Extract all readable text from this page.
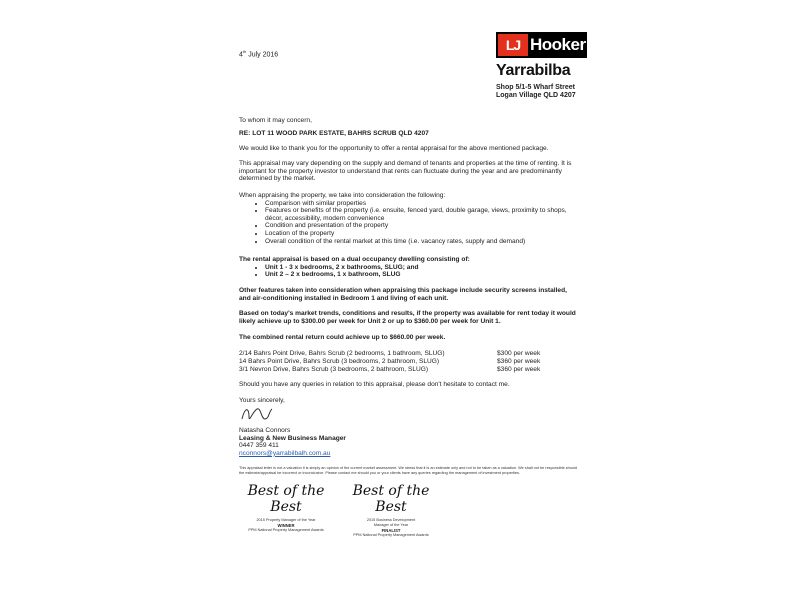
4th July 2016
LJ Hooker
Yarrabilba
Shop 5/1-5 Wharf Street
Logan Village QLD 4207
To whom it may concern,
RE: LOT 11 WOOD PARK ESTATE, BAHRS SCRUB QLD 4207
We would like to thank you for the opportunity to offer a rental appraisal for the above mentioned package.
This appraisal may vary depending on the supply and demand of tenants and properties at the time of renting. It is important for the property investor to understand that rents can fluctuate during the year and are predominantly determined by the market.
When appraising the property, we take into consideration the following:
• Comparison with similar properties
• Features or benefits of the property (i.e. ensuite, fenced yard, double garage, views, proximity to shops, décor, accessibility, modern convenience
• Condition and presentation of the property
• Location of the property
• Overall condition of the rental market at this time (i.e. vacancy rates, supply and demand)
The rental appraisal is based on a dual occupancy dwelling consisting of:
• Unit 1 - 3 x bedrooms, 2 x bathrooms, SLUG; and
• Unit 2 – 2 x bedrooms, 1 x bathroom, SLUG
Other features taken into consideration when appraising this package include security screens installed, and air-conditioning installed in Bedroom 1 and living of each unit.
Based on today's market trends, conditions and results, if the property was available for rent today it would likely achieve up to $300.00 per week for Unit 2 or up to $360.00 per week for Unit 1.
The combined rental return could achieve up to $660.00 per week.
2/14 Bahrs Point Drive, Bahrs Scrub (2 bedrooms, 1 bathroom, SLUG)	$300 per week
14 Bahrs Point Drive, Bahrs Scrub (3 bedrooms, 2 bathroom, SLUG)	$360 per week
3/1 Nevron Drive, Bahrs Scrub (3 bedrooms, 2 bathroom, SLUG)	$360 per week
Should you have any queries in relation to this appraisal, please don't hesitate to contact me.
Yours sincerely,
Natasha Connors
Leasing & New Business Manager
0447 359 411
nconnors@yarrabilbalh.com.au
This appraisal letter is not a valuation it is simply an opinion of the current market assessment. We stress that it is an estimate only and not to be taken as a valuation. We shall not be responsible should the estimate/appraisal be incorrect or inconclusive. Please contact me should you or your clients have any queries regarding the management of investment properties.
Best of the Best
2015 Property Manager of the Year
WINNER
PPM National Property Management Awards
Best of the Best
2015 Business Development
Manager of the Year
FINALIST
PPM National Property Management Awards
